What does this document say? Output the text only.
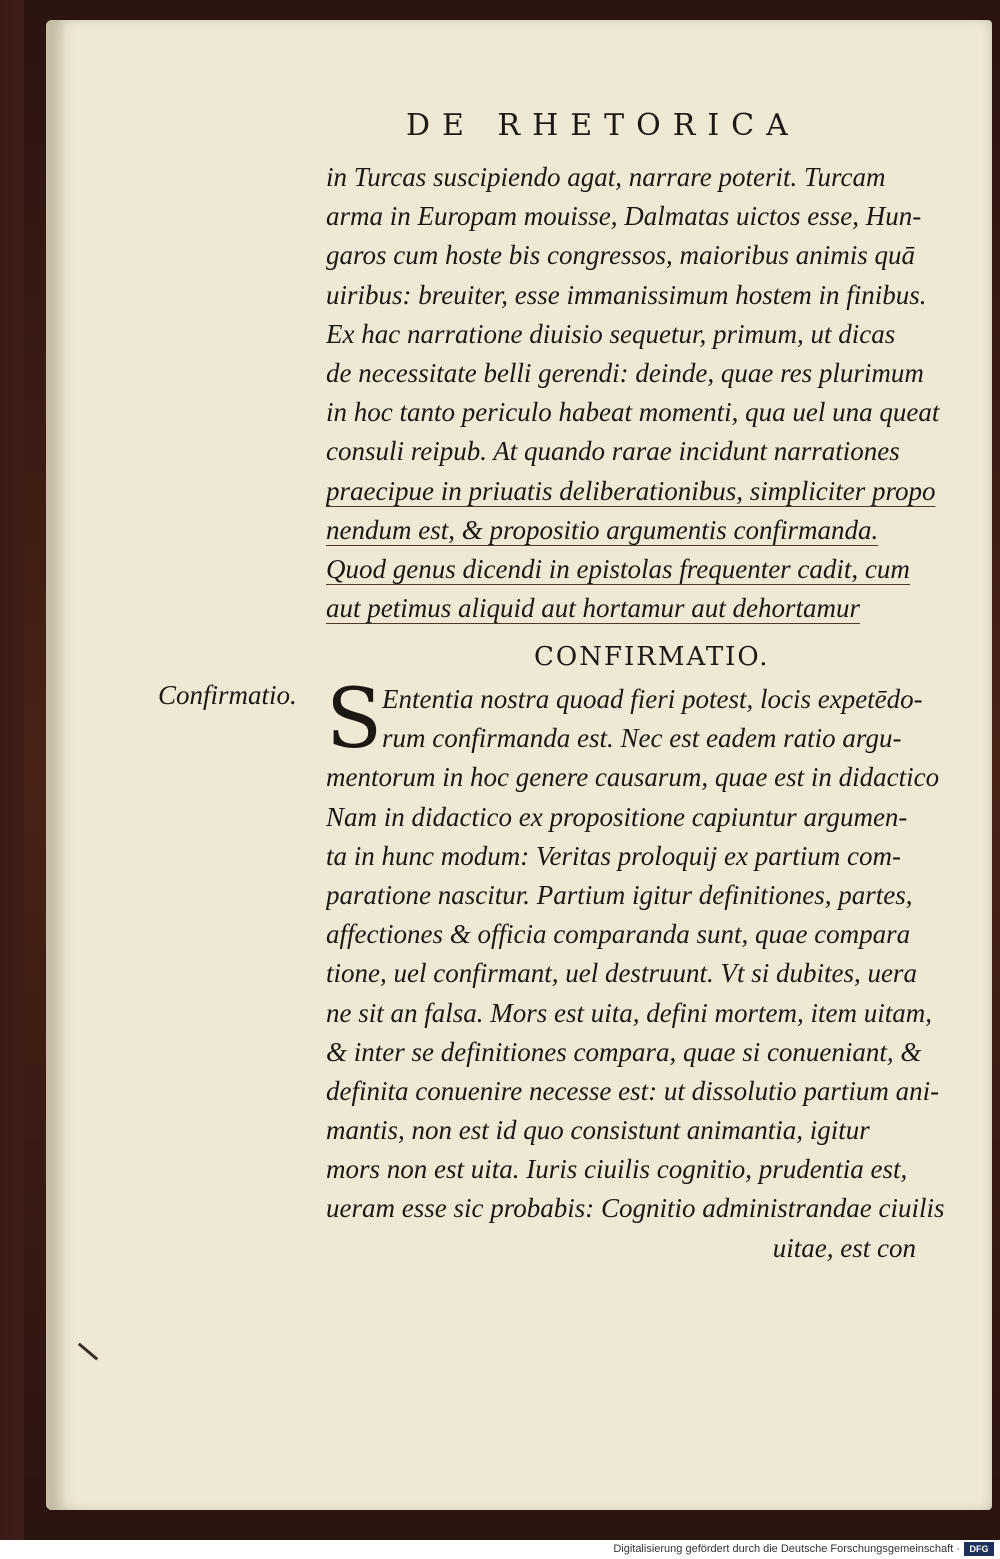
DE RHETORICA
in Turcas suscipiendo agat, narrare poterit. Turcam
arma in Europam mouisse, Dalmatas uictos esse, Hun-
garos cum hoste bis congressos, maioribus animis quā
uiribus: breuiter, esse immanissimum hostem in finibus.
Ex hac narratione diuisio sequetur, primum, ut dicas
de necessitate belli gerendi: deinde, quae res plurimum
in hoc tanto periculo habeat momenti, qua uel una queat
consuli reipub. At quando rarae incidunt narrationes
praecipue in priuatis deliberationibus, simpliciter propo
nendum est, & propositio argumentis confirmanda.
Quod genus dicendi in epistolas frequenter cadit, cum
aut petimus aliquid aut hortamur aut dehortamur
CONFIRMATIO.
Confirmatio. S Ententia nostra quoad fieri potest, locis expetēdo-
rum confirmanda est. Nec est eadem ratio argu-
mentorum in hoc genere causarum, quae est in didactico
Nam in didactico ex propositione capiuntur argumen-
ta in hunc modum: Veritas proloquij ex partium com-
paratione nascitur. Partium igitur definitiones, partes,
affectiones & officia comparanda sunt, quae compara
tione, uel confirmant, uel destruunt. Vt si dubites, uera
ne sit an falsa. Mors est uita, defini mortem, item uitam,
& inter se definitiones compara, quae si conueniant, &
definita conuenire necesse est: ut dissolutio partium ani-
mantis, non est id quo consistunt animantia, igitur
mors non est uita. Iuris ciuilis cognitio, prudentia est,
ueram esse sic probabis: Cognitio administrandae ciuilis
uitae, est con
Digitalisierung gefördert durch die Deutsche Forschungsgemeinschaft ·	DFG
